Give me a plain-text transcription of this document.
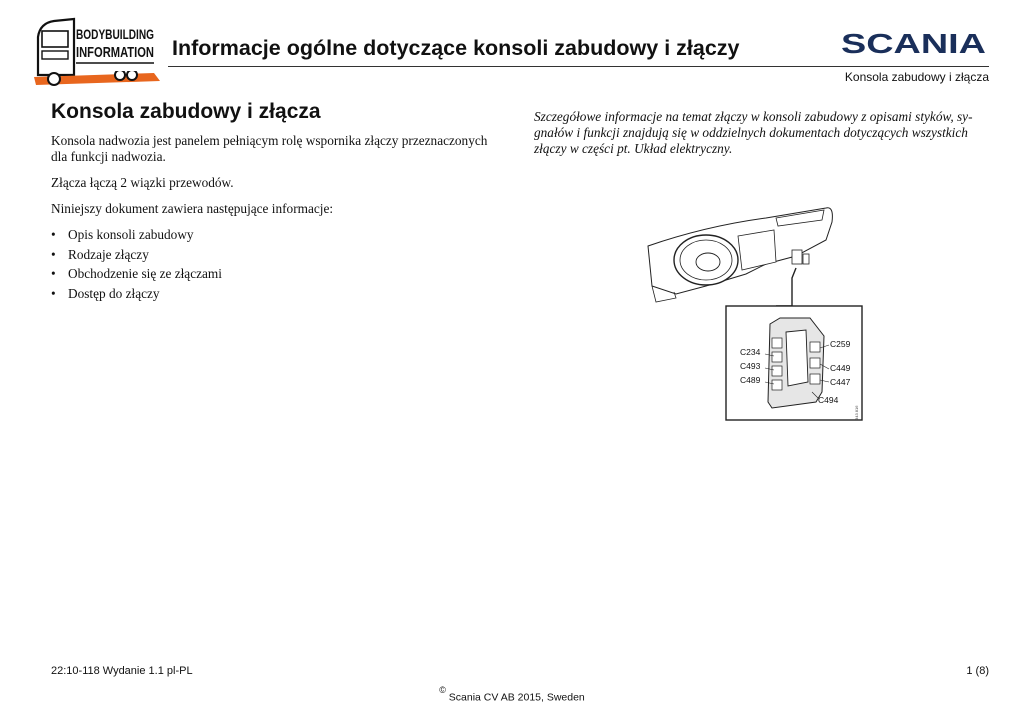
BODYBUILDING
INFORMATION Informacje ogólne dotyczące konsoli zabudowy i złączy	SCANIA
Konsola zabudowy i złącza
Konsola zabudowy i złącza

Konsola nadwozia jest panelem pełniącym rolę wspornika złączy przeznaczonych dla funkcji nadwozia.

Złącza łączą 2 wiązki przewodów.

Niniejszy dokument zawiera następujące informacje:

• Opis konsoli zabudowy
• Rodzaje złączy
• Obchodzenie się ze złączami
• Dostęp do złączy
Szczegółowe informacje na temat złączy w konsoli zabudowy z opisami styków, sy-gnałów i funkcji znajdują się w oddzielnych dokumentach dotyczących wszystkich złączy w części pt. Układ elektryczny.
C234
C493
C489
C259
C449
C447
C494
343 816
22:10-118 Wydanie 1.1 pl-PL	1 (8)
© Scania CV AB 2015, Sweden
